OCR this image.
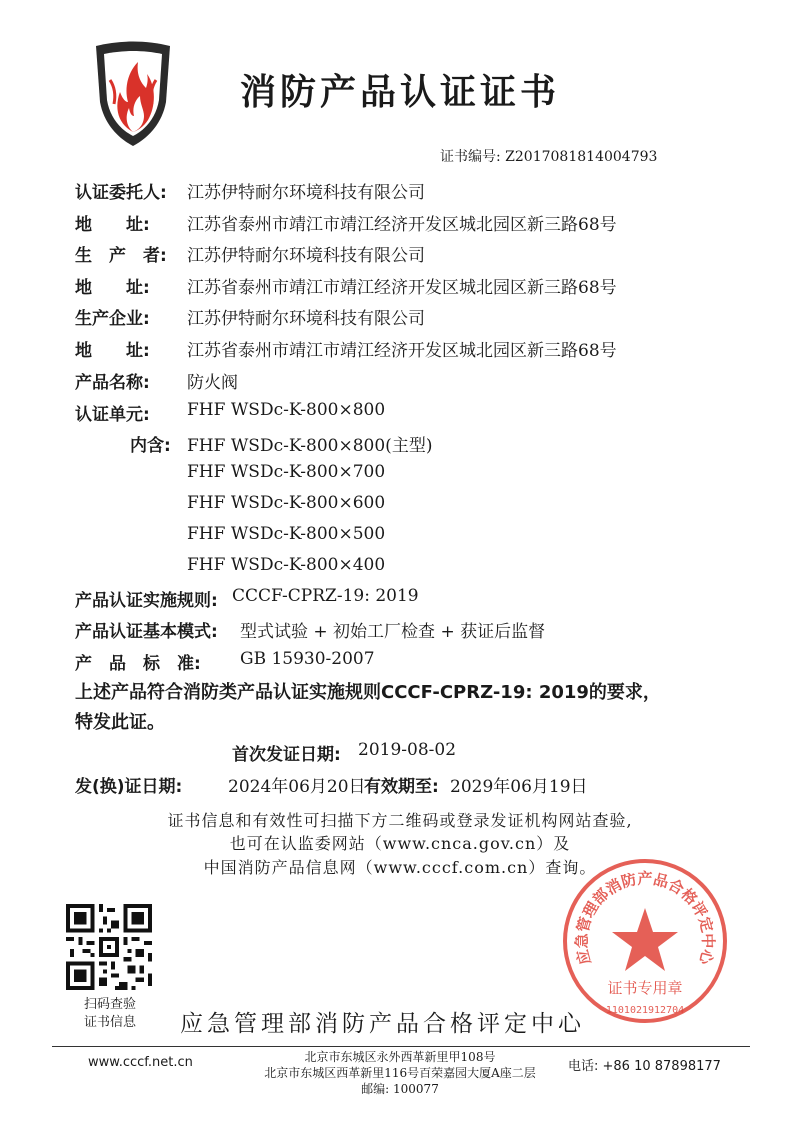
消防产品认证证书
证书编号: Z2017081814004793
认证委托人: 江苏伊特耐尔环境科技有限公司
地　　址: 江苏省泰州市靖江市靖江经济开发区城北园区新三路68号
生　产　者: 江苏伊特耐尔环境科技有限公司
地　　址: 江苏省泰州市靖江市靖江经济开发区城北园区新三路68号
生产企业: 江苏伊特耐尔环境科技有限公司
地　　址: 江苏省泰州市靖江市靖江经济开发区城北园区新三路68号
产品名称: 防火阀
认证单元: FHF WSDc-K-800×800
内含: FHF WSDc-K-800×800(主型)
FHF WSDc-K-800×700
FHF WSDc-K-800×600
FHF WSDc-K-800×500
FHF WSDc-K-800×400
产品认证实施规则: CCCF-CPRZ-19: 2019
产品认证基本模式: 型式试验 + 初始工厂检查 + 获证后监督
产　品　标　准: GB 15930-2007
上述产品符合消防类产品认证实施规则CCCF-CPRZ-19: 2019的要求，特发此证。
首次发证日期: 2019-08-02
发(换)证日期:	2024年06月20日
有效期至: 2029年06月19日
证书信息和有效性可扫描下方二维码或登录发证机构网站查验,
也可在认监委网站（www.cnca.gov.cn）及
中国消防产品信息网（www.cccf.com.cn）查询。
扫码查验
证书信息
应急管理部消防产品合格评定中心
证书专用章
1101021912704
应急管理部消防产品合格评定中心
www.cccf.net.cn	北京市东城区永外西革新里甲108号
北京市东城区西革新里116号百荣嘉园大厦A座二层
邮编: 100077
电话: +86 10 87898177
